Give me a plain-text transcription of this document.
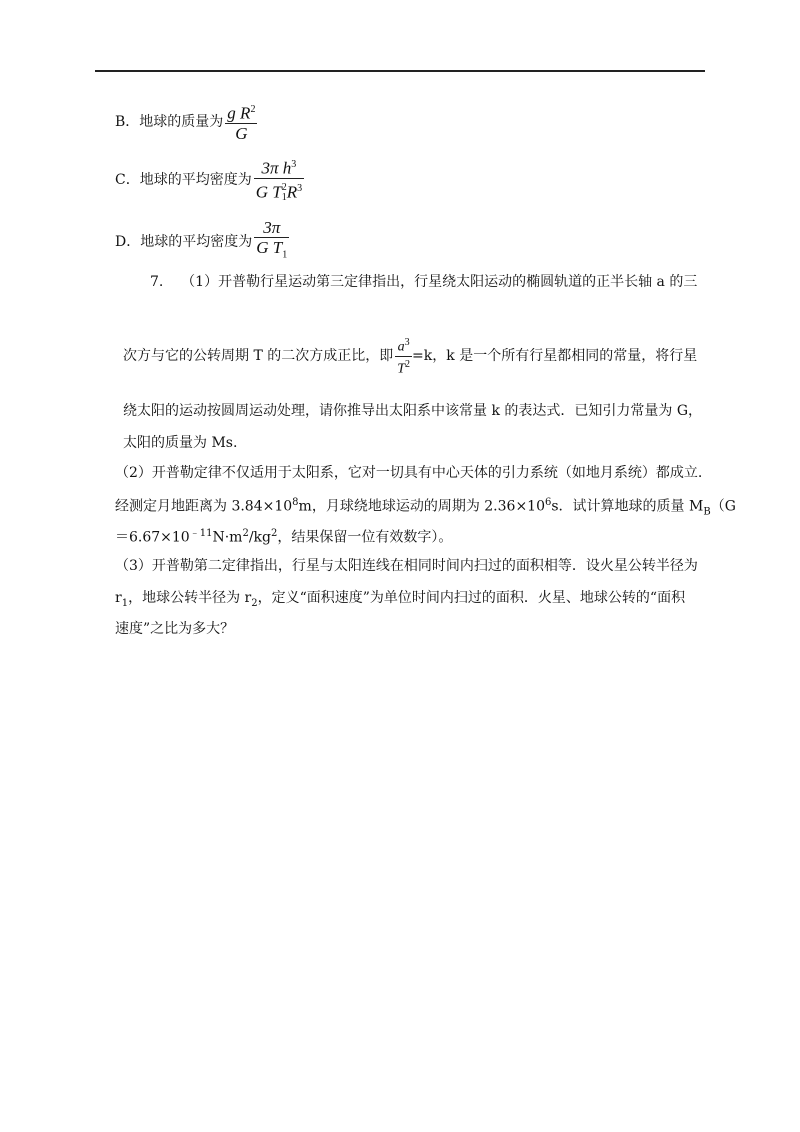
B．地球的质量为 $\frac{g R^2}{G}$
C．地球的平均密度为 3π $h^3$
G T 2
1 $R^3$
D．地球的平均密度为 $\frac{3\pi}{G T_1}$
7. （1）开普勒行星运动第三定律指出，行星绕太阳运动的椭圆轨道的正半长轴 a 的三
次方与它的公转周期 T 的二次方成正比，即 $\frac{a^3}{T^2} =k$，k 是一个所有行星都相同的常量，将行星
绕太阳的运动按圆周运动处理，请你推导出太阳系中该常量 k 的表达式．已知引力常量为 G，
太阳的质量为 Ms.
（2）开普勒定律不仅适用于太阳系，它对一切具有中心天体的引力系统（如地月系统）都成立.
经测定月地距离为 $3.84\times 10^8m$，月球绕地球运动的周期为 $2.36\times 10^6s$．试计算地球的质量 $M_B(G$
$=6.67\times 10^{﹣11}N\cdot m^2/kg^2$，结果保留一位有效数字）。
（3）开普勒第二定律指出，行星与太阳连线在相同时间内扫过的面积相等．设火星公转半径为
$r_1$，地球公转半径为 $r_2$，定义“面积速度”为单位时间内扫过的面积．火星、地球公转的“面积
速度”之比为多大？
